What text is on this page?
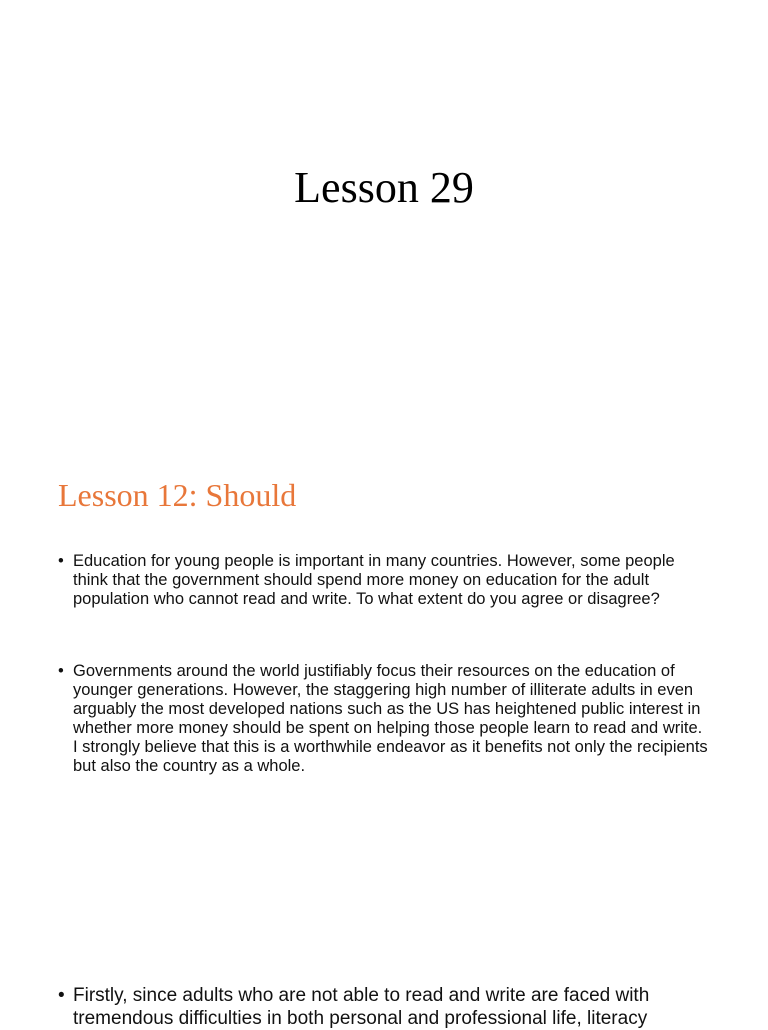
Lesson 29
Lesson 12: Should
• Education for young people is important in many countries. However, some people think that the government should spend more money on education for the adult population who cannot read and write. To what extent do you agree or disagree?
• Governments around the world justifiably focus their resources on the education of younger generations. However, the staggering high number of illiterate adults in even arguably the most developed nations such as the US has heightened public interest in whether more money should be spent on helping those people learn to read and write. I strongly believe that this is a worthwhile endeavor as it benefits not only the recipients but also the country as a whole.
• Firstly, since adults who are not able to read and write are faced with tremendous difficulties in both personal and professional life, literacy
